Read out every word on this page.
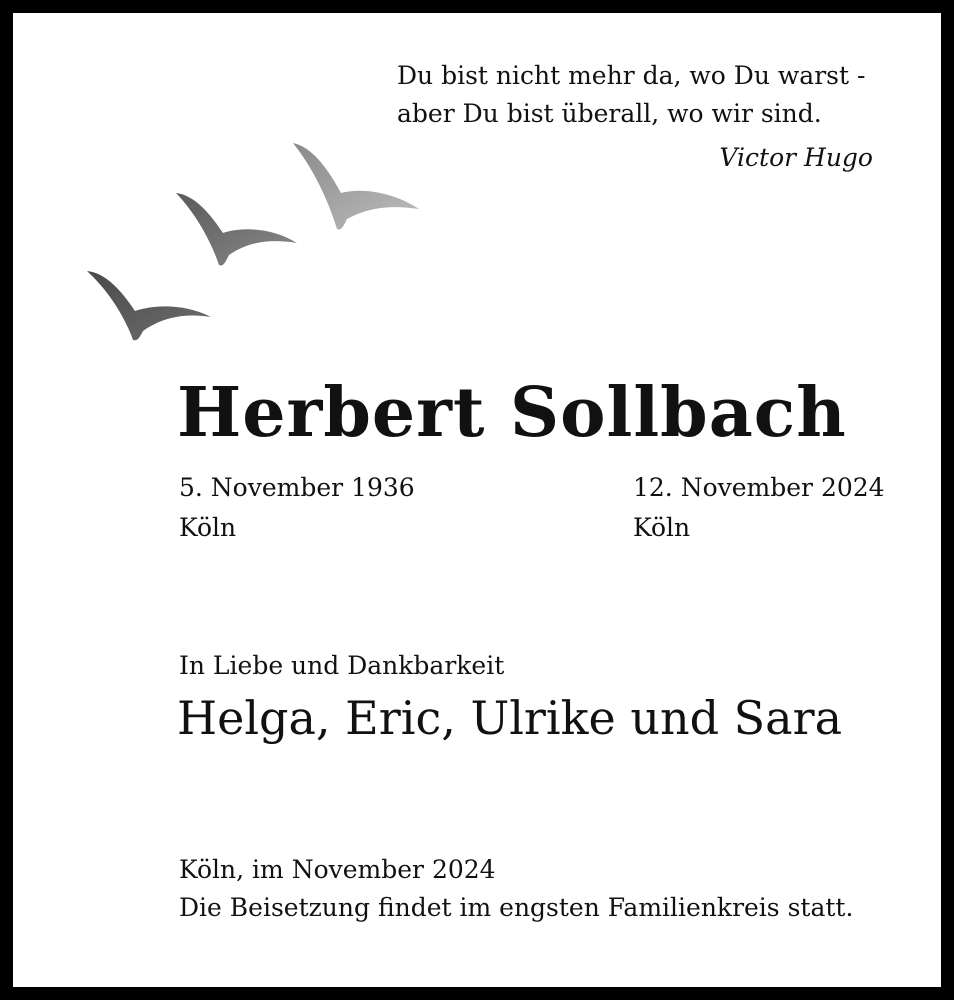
Du bist nicht mehr da, wo Du warst -
aber Du bist überall, wo wir sind.
Victor Hugo
Herbert Sollbach
5. November 1936
Köln
12. November 2024
Köln
In Liebe und Dankbarkeit
Helga, Eric, Ulrike und Sara
Köln, im November 2024
Die Beisetzung findet im engsten Familienkreis statt.
